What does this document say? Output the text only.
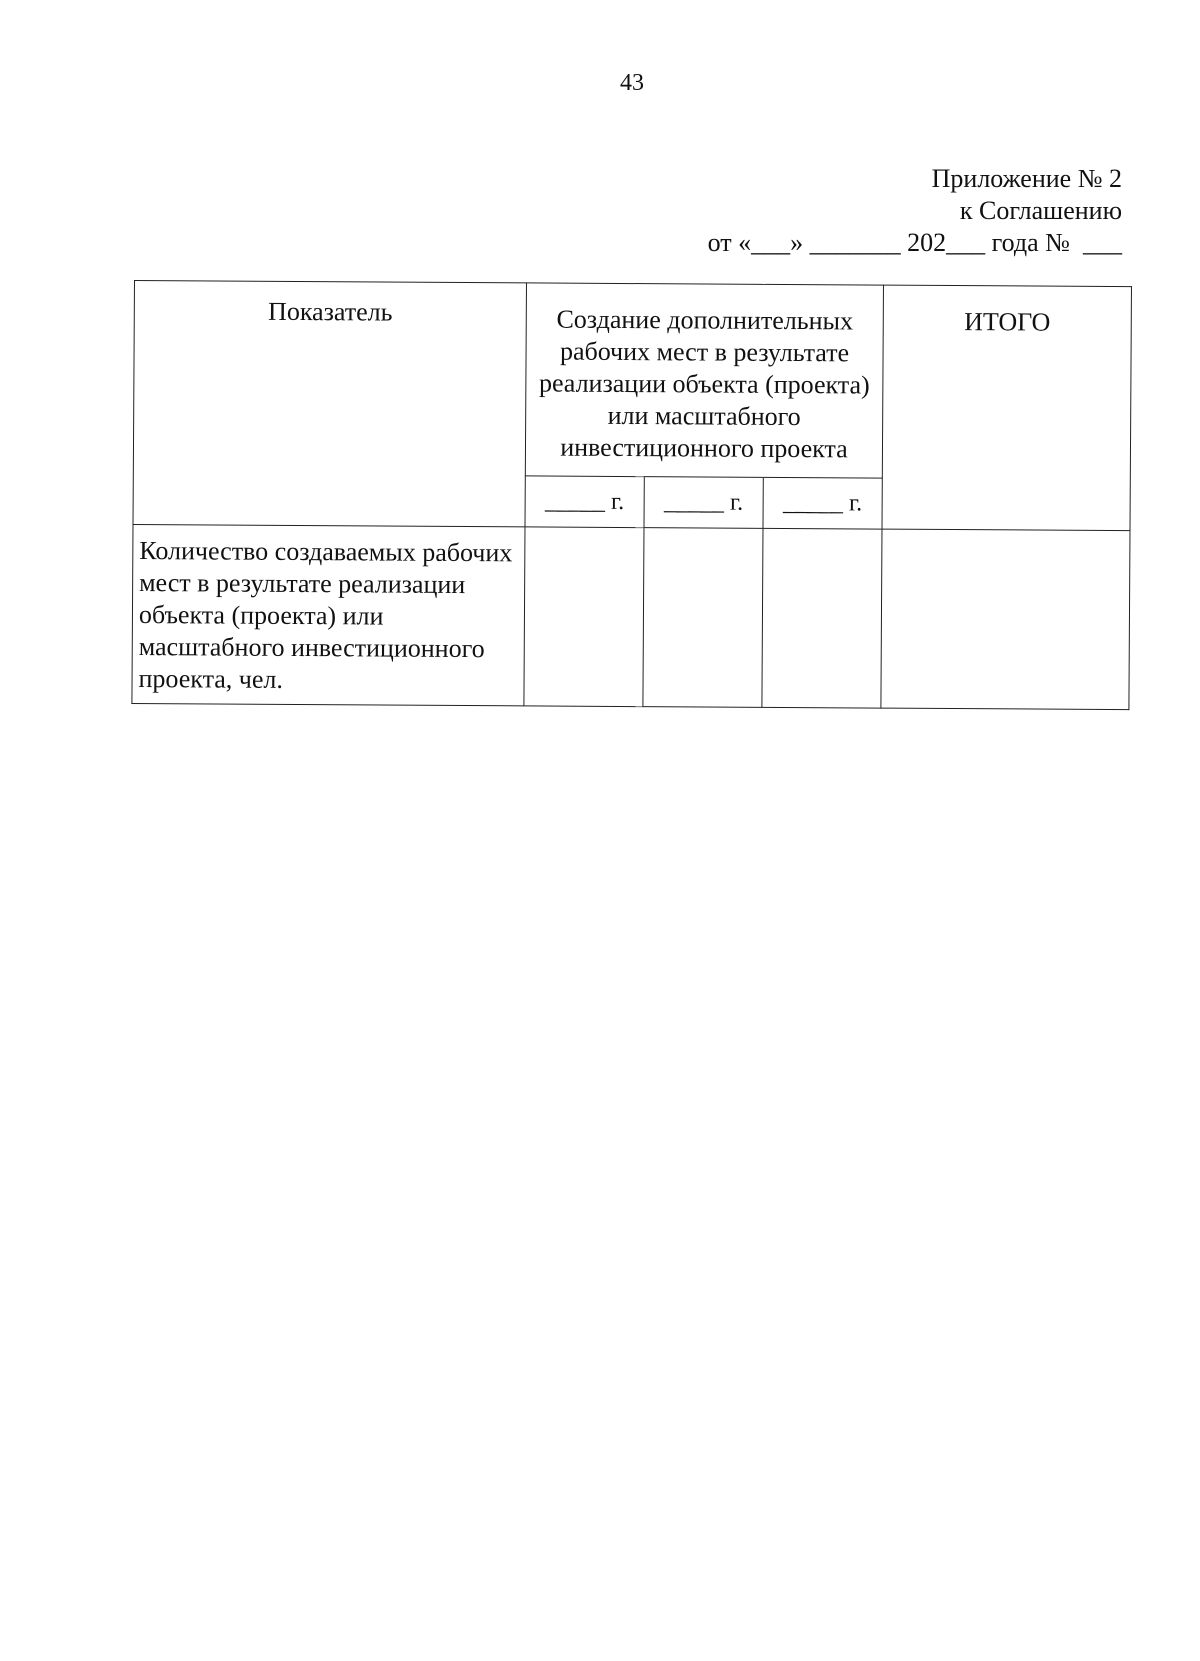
43
Приложение № 2
к Соглашению
от «___» _______ 202___ года №  ___
Показатель	Создание дополнительных рабочих мест в результате реализации объекта (проекта) или масштабного инвестиционного проекта			ИТОГО
	_____ г.	_____ г.	_____ г.	
Количество создаваемых рабочих мест в результате реализации объекта (проекта) или масштабного инвестиционного проекта, чел.				
